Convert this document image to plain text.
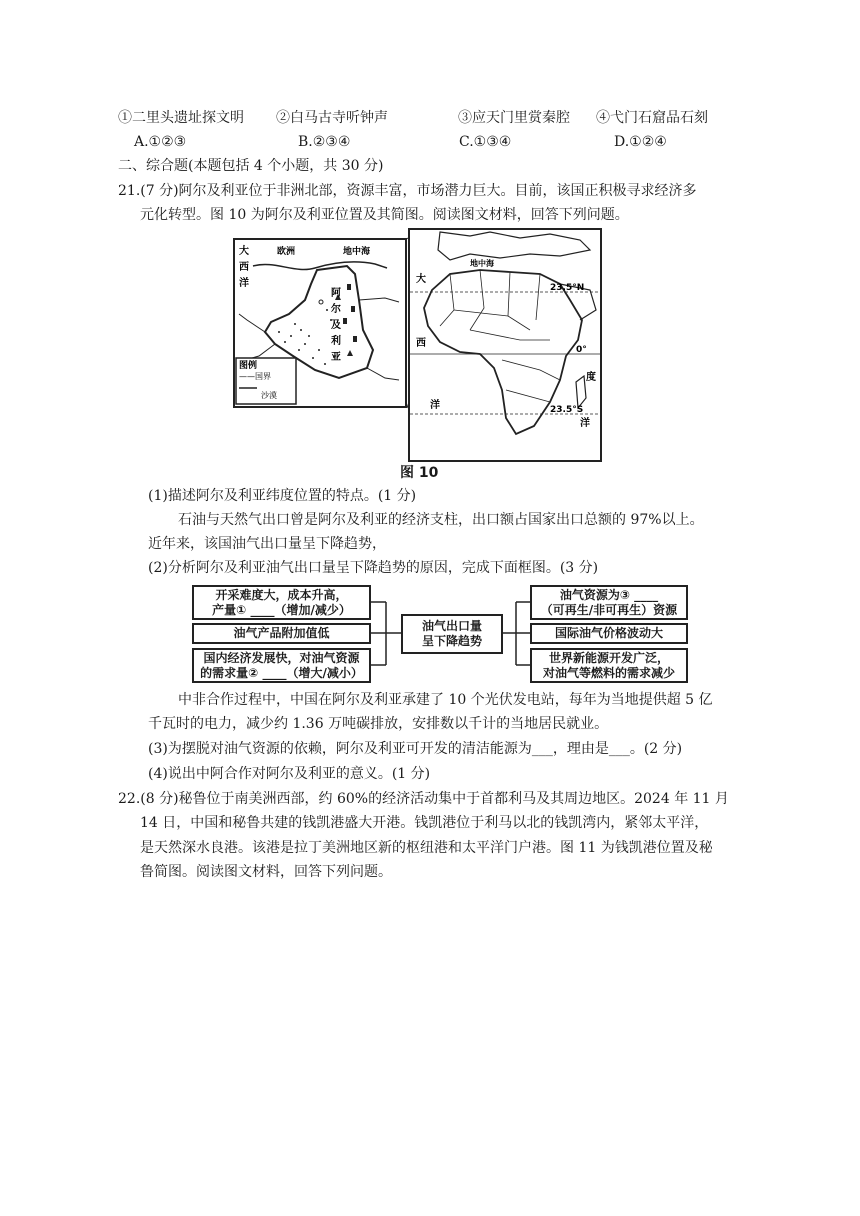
①二里头遗址探文明 ②白马古寺听钟声	③应天门里赏秦腔 ④弋门石窟品石刻
A.①②③	B.②③④	C.①③④	D.①②④
二、综合题(本题包括 4 个小题，共 30 分)
21.(7 分)阿尔及利亚位于非洲北部，资源丰富，市场潜力巨大。目前，该国正积极寻求经济多
元化转型。图 10 为阿尔及利亚位置及其简图。阅读图文材料，回答下列问题。
图例
——国界
沙漠
大
西
洋
欧洲	地中海
阿
尔
及
利
亚
23.5°N
0°
23.5°S
大
西
洋
度
洋
地中海
图 10
(1)描述阿尔及利亚纬度位置的特点。(1 分)
石油与天然气出口曾是阿尔及利亚的经济支柱，出口额占国家出口总额的 97%以上。
近年来，该国油气出口量呈下降趋势，
(2)分析阿尔及利亚油气出口量呈下降趋势的原因，完成下面框图。(3 分)
开采难度大，成本升高，
产量① ____（增加/减少）
油气产品附加值低
国内经济发展快，对油气资源
的需求量② ____（增大/减小）
油气出口量
呈下降趋势
油气资源为③ ____
（可再生/非可再生）资源
国际油气价格波动大
世界新能源开发广泛，
对油气等燃料的需求减少
中非合作过程中，中国在阿尔及利亚承建了 10 个光伏发电站，每年为当地提供超 5 亿
千瓦时的电力，减少约 1.36 万吨碳排放，安排数以千计的当地居民就业。
(3)为摆脱对油气资源的依赖，阿尔及利亚可开发的清洁能源为___，理由是___。(2 分)
(4)说出中阿合作对阿尔及利亚的意义。(1 分)
22.(8 分)秘鲁位于南美洲西部，约 60%的经济活动集中于首都利马及其周边地区。2024 年 11 月
14 日，中国和秘鲁共建的钱凯港盛大开港。钱凯港位于利马以北的钱凯湾内，紧邻太平洋，
是天然深水良港。该港是拉丁美洲地区新的枢纽港和太平洋门户港。图 11 为钱凯港位置及秘
鲁简图。阅读图文材料，回答下列问题。
